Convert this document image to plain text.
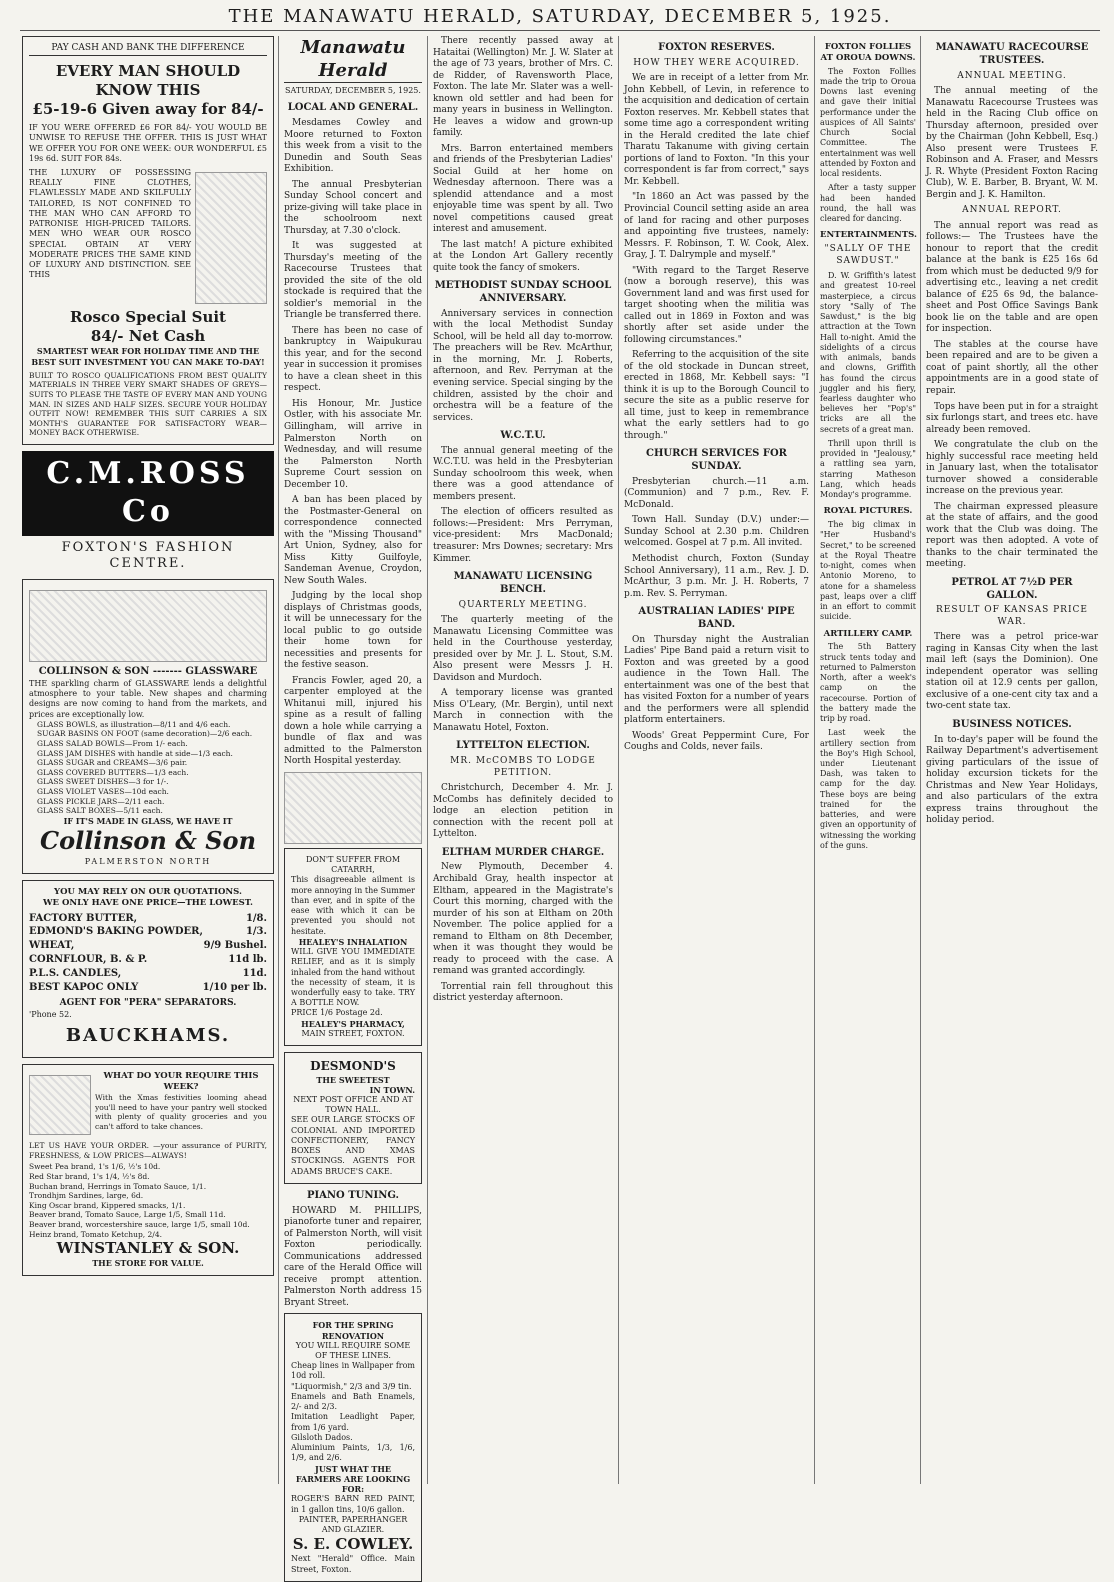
THE MANAWATU HERALD, SATURDAY, DECEMBER 5, 1925.
PAY CASH AND BANK THE DIFFERENCE
EVERY MAN SHOULD KNOW THIS
£5-19-6 Given away for 84/-
IF YOU WERE OFFERED £6 FOR 84/- YOU WOULD BE UNWISE TO REFUSE THE OFFER. THIS IS JUST WHAT WE OFFER YOU FOR ONE WEEK: OUR WONDERFUL £5 19s 6d. SUIT FOR 84s.
THE LUXURY OF POSSESSING REALLY FINE CLOTHES, FLAWLESSLY MADE AND SKILFULLY TAILORED, IS NOT CONFINED TO THE MAN WHO CAN AFFORD TO PATRONISE HIGH-PRICED TAILORS. MEN WHO WEAR OUR ROSCO SPECIAL OBTAIN AT VERY MODERATE PRICES THE SAME KIND OF LUXURY AND DISTINCTION. SEE THIS
Rosco Special Suit
84/- Net Cash
SMARTEST WEAR FOR HOLIDAY TIME AND THE BEST SUIT INVESTMENT YOU CAN MAKE TO-DAY!
BUILT TO ROSCO QUALIFICATIONS FROM BEST QUALITY MATERIALS IN THREE VERY SMART SHADES OF GREYS—SUITS TO PLEASE THE TASTE OF EVERY MAN AND YOUNG MAN. IN SIZES AND HALF SIZES. SECURE YOUR HOLIDAY OUTFIT NOW! REMEMBER THIS SUIT CARRIES A SIX MONTH'S GUARANTEE FOR SATISFACTORY WEAR—MONEY BACK OTHERWISE.
C.M.ROSS Co
FOXTON'S FASHION CENTRE.
COLLINSON & SON ------- GLASSWARE
THE sparkling charm of GLASSWARE lends a delightful atmosphere to your table. New shapes and charming designs are now coming to hand from the markets, and prices are exceptionally low.
GLASS BOWLS, as illustration—8/11 and 4/6 each.
SUGAR BASINS ON FOOT (same decoration)—2/6 each.
GLASS SALAD BOWLS—From 1/- each.
GLASS JAM DISHES with handle at side—1/3 each.
GLASS SUGAR and CREAMS—3/6 pair.
GLASS COVERED BUTTERS—1/3 each.
GLASS SWEET DISHES—3 for 1/-.
GLASS VIOLET VASES—10d each.
GLASS PICKLE JARS—2/11 each.
GLASS SALT BOXES—5/11 each.
IF IT'S MADE IN GLASS, WE HAVE IT
Collinson & Son
PALMERSTON NORTH
YOU MAY RELY ON OUR QUOTATIONS.
WE ONLY HAVE ONE PRICE—THE LOWEST.
FACTORY BUTTER,	1/8.
EDMOND'S BAKING POWDER,	1/3.
WHEAT,	9/9 Bushel.
CORNFLOUR, B. & P.	11d lb.
P.L.S. CANDLES,	11d.
BEST KAPOC ONLY	1/10 per lb.
AGENT FOR "PERA" SEPARATORS.
'Phone 52.
BAUCKHAMS.
WHAT DO YOUR REQUIRE THIS WEEK?
With the Xmas festivities looming ahead you'll need to have your pantry well stocked with plenty of quality groceries and you can't afford to take chances.
LET US HAVE YOUR ORDER. —your assurance of PURITY, FRESHNESS, & LOW PRICES—ALWAYS!
Sweet Pea brand, 1's 1/6, ½'s 10d.
Red Star brand, 1's 1/4, ½'s 8d.
Buchan brand, Herrings in Tomato Sauce, 1/1.
Trondhjm Sardines, large, 6d.
King Oscar brand, Kippered smacks, 1/1.
Beaver brand, Tomato Sauce, Large 1/5, Small 11d.
Beaver brand, worcestershire sauce, large 1/5, small 10d.
Heinz brand, Tomato Ketchup, 2/4.
WINSTANLEY & SON.
THE STORE FOR VALUE.
Manawatu Herald
SATURDAY, DECEMBER 5, 1925.
LOCAL AND GENERAL.

Mesdames Cowley and Moore returned to Foxton this week from a visit to the Dunedin and South Seas Exhibition.

The annual Presbyterian Sunday School concert and prize-giving will take place in the schoolroom next Thursday, at 7.30 o'clock.

It was suggested at Thursday's meeting of the Racecourse Trustees that provided the site of the old stockade is required that the soldier's memorial in the Triangle be transferred there.

There has been no case of bankruptcy in Waipukurau this year, and for the second year in succession it promises to have a clean sheet in this respect.

His Honour, Mr. Justice Ostler, with his associate Mr. Gillingham, will arrive in Palmerston North on Wednesday, and will resume the Palmerston North Supreme Court session on December 10.

A ban has been placed by the Postmaster-General on correspondence connected with the "Missing Thousand" Art Union, Sydney, also for Miss Kitty Guilfoyle, Sandeman Avenue, Croydon, New South Wales.

Judging by the local shop displays of Christmas goods, it will be unnecessary for the local public to go outside their home town for necessities and presents for the festive season.

Francis Fowler, aged 20, a carpenter employed at the Whitanui mill, injured his spine as a result of falling down a hole while carrying a bundle of flax and was admitted to the Palmerston North Hospital yesterday.

DON'T SUFFER FROM CATARRH,
This disagreeable ailment is more annoying in the Summer than ever, and in spite of the ease with which it can be prevented you should not hesitate.
HEALEY'S INHALATION
WILL GIVE YOU IMMEDIATE RELIEF, and as it is simply inhaled from the hand without the necessity of steam, it is wonderfully easy to take. TRY A BOTTLE NOW.
PRICE 1/6 Postage 2d.
HEALEY'S PHARMACY,
MAIN STREET, FOXTON.
DESMOND'S
THE SWEETEST
IN TOWN.
NEXT POST OFFICE AND AT TOWN HALL.
SEE OUR LARGE STOCKS OF COLONIAL AND IMPORTED CONFECTIONERY, FANCY BOXES AND XMAS STOCKINGS. AGENTS FOR ADAMS BRUCE'S CAKE.
PIANO TUNING.

HOWARD M. PHILLIPS, pianoforte tuner and repairer, of Palmerston North, will visit Foxton periodically. Communications addressed care of the Herald Office will receive prompt attention. Palmerston North address 15 Bryant Street.

FOR THE SPRING RENOVATION
YOU WILL REQUIRE SOME OF THESE LINES.
Cheap lines in Wallpaper from 10d roll.
"Liquormish," 2/3 and 3/9 tin.
Enamels and Bath Enamels, 2/- and 2/3.
Imitation Leadlight Paper, from 1/6 yard.
Gilsloth Dados.
Aluminium Paints, 1/3, 1/6, 1/9, and 2/6.
JUST WHAT THE FARMERS ARE LOOKING FOR:
ROGER'S BARN RED PAINT, in 1 gallon tins, 10/6 gallon.
PAINTER, PAPERHANGER AND GLAZIER.
S. E. COWLEY.
Next "Herald" Office. Main Street, Foxton.

There recently passed away at Hataitai (Wellington) Mr. J. W. Slater at the age of 73 years, brother of Mrs. C. de Ridder, of Ravensworth Place, Foxton. The late Mr. Slater was a well-known old settler and had been for many years in business in Wellington. He leaves a widow and grown-up family.

Mrs. Barron entertained members and friends of the Presbyterian Ladies' Social Guild at her home on Wednesday afternoon. There was a splendid attendance and a most enjoyable time was spent by all. Two novel competitions caused great interest and amusement.

The last match! A picture exhibited at the London Art Gallery recently quite took the fancy of smokers.

METHODIST SUNDAY SCHOOL ANNIVERSARY.

Anniversary services in connection with the local Methodist Sunday School, will be held all day to-morrow. The preachers will be Rev. McArthur, in the morning, Mr. J. Roberts, afternoon, and Rev. Perryman at the evening service. Special singing by the children, assisted by the choir and orchestra will be a feature of the services.

W.C.T.U.

The annual general meeting of the W.C.T.U. was held in the Presbyterian Sunday schoolroom this week, when there was a good attendance of members present.

The election of officers resulted as follows:—President: Mrs Perryman, vice-president: Mrs MacDonald; treasurer: Mrs Downes; secretary: Mrs Kimmer.

MANAWATU LICENSING BENCH.
QUARTERLY MEETING.

The quarterly meeting of the Manawatu Licensing Committee was held in the Courthouse yesterday, presided over by Mr. J. L. Stout, S.M. Also present were Messrs J. H. Davidson and Murdoch.

A temporary license was granted Miss O'Leary, (Mr. Bergin), until next March in connection with the Manawatu Hotel, Foxton.

LYTTELTON ELECTION.
MR. McCOMBS TO LODGE PETITION.

Christchurch, December 4. Mr. J. McCombs has definitely decided to lodge an election petition in connection with the recent poll at Lyttelton.

ELTHAM MURDER CHARGE.

New Plymouth, December 4. Archibald Gray, health inspector at Eltham, appeared in the Magistrate's Court this morning, charged with the murder of his son at Eltham on 20th November. The police applied for a remand to Eltham on 8th December, when it was thought they would be ready to proceed with the case. A remand was granted accordingly.

Torrential rain fell throughout this district yesterday afternoon.

FOXTON RESERVES.
HOW THEY WERE ACQUIRED.

We are in receipt of a letter from Mr. John Kebbell, of Levin, in reference to the acquisition and dedication of certain Foxton reserves. Mr. Kebbell states that some time ago a correspondent writing in the Herald credited the late chief Tharatu Takanume with giving certain portions of land to Foxton. "In this your correspondent is far from correct," says Mr. Kebbell.

"In 1860 an Act was passed by the Provincial Council setting aside an area of land for racing and other purposes and appointing five trustees, namely: Messrs. F. Robinson, T. W. Cook, Alex. Gray, J. T. Dalrymple and myself."

"With regard to the Target Reserve (now a borough reserve), this was Government land and was first used for target shooting when the militia was called out in 1869 in Foxton and was shortly after set aside under the following circumstances."

Referring to the acquisition of the site of the old stockade in Duncan street, erected in 1868, Mr. Kebbell says: "I think it is up to the Borough Council to secure the site as a public reserve for all time, just to keep in remembrance what the early settlers had to go through."

CHURCH SERVICES FOR SUNDAY.

Presbyterian church.—11 a.m. (Communion) and 7 p.m., Rev. F. McDonald.

Town Hall. Sunday (D.V.) under:—Sunday School at 2.30 p.m. Children welcomed. Gospel at 7 p.m. All invited.

Methodist church, Foxton (Sunday School Anniversary), 11 a.m., Rev. J. D. McArthur, 3 p.m. Mr. J. H. Roberts, 7 p.m. Rev. S. Perryman.

AUSTRALIAN LADIES' PIPE BAND.

On Thursday night the Australian Ladies' Pipe Band paid a return visit to Foxton and was greeted by a good audience in the Town Hall. The entertainment was one of the best that has visited Foxton for a number of years and the performers were all splendid platform entertainers.

Woods' Great Peppermint Cure, For Coughs and Colds, never fails.

FOXTON FOLLIES AT OROUA DOWNS.

The Foxton Follies made the trip to Oroua Downs last evening and gave their initial performance under the auspices of All Saints' Church Social Committee. The entertainment was well attended by Foxton and local residents.

After a tasty supper had been handed round, the hall was cleared for dancing.

ENTERTAINMENTS.
"SALLY OF THE SAWDUST."

D. W. Griffith's latest and greatest 10-reel masterpiece, a circus story "Sally of The Sawdust," is the big attraction at the Town Hall to-night. Amid the sidelights of a circus with animals, bands and clowns, Griffith has found the circus juggler and his fiery, fearless daughter who believes her "Pop's" tricks are all the secrets of a great man.

Thrill upon thrill is provided in "Jealousy," a rattling sea yarn, starring Matheson Lang, which heads Monday's programme.

ROYAL PICTURES.

The big climax in "Her Husband's Secret," to be screened at the Royal Theatre to-night, comes when Antonio Moreno, to atone for a shameless past, leaps over a cliff in an effort to commit suicide.

ARTILLERY CAMP.

The 5th Battery struck tents today and returned to Palmerston North, after a week's camp on the racecourse. Portion of the battery made the trip by road.

Last week the artillery section from the Boy's High School, under Lieutenant Dash, was taken to camp for the day. These boys are being trained for the batteries, and were given an opportunity of witnessing the working of the guns.

MANAWATU RACECOURSE TRUSTEES.
ANNUAL MEETING.

The annual meeting of the Manawatu Racecourse Trustees was held in the Racing Club office on Thursday afternoon, presided over by the Chairman (John Kebbell, Esq.) Also present were Trustees F. Robinson and A. Fraser, and Messrs J. R. Whyte (President Foxton Racing Club), W. E. Barber, B. Bryant, W. M. Bergin and J. K. Hamilton.

ANNUAL REPORT.

The annual report was read as follows:— The Trustees have the honour to report that the credit balance at the bank is £25 16s 6d from which must be deducted 9/9 for advertising etc., leaving a net credit balance of £25 6s 9d, the balance-sheet and Post Office Savings Bank book lie on the table and are open for inspection.

The stables at the course have been repaired and are to be given a coat of paint shortly, all the other appointments are in a good state of repair.

Tops have been put in for a straight six furlongs start, and trees etc. have already been removed.

We congratulate the club on the highly successful race meeting held in January last, when the totalisator turnover showed a considerable increase on the previous year.

The chairman expressed pleasure at the state of affairs, and the good work that the Club was doing. The report was then adopted. A vote of thanks to the chair terminated the meeting.

PETROL AT 7½D PER GALLON.
RESULT OF KANSAS PRICE WAR.

There was a petrol price-war raging in Kansas City when the last mail left (says the Dominion). One independent operator was selling station oil at 12.9 cents per gallon, exclusive of a one-cent city tax and a two-cent state tax.

BUSINESS NOTICES.

In to-day's paper will be found the Railway Department's advertisement giving particulars of the issue of holiday excursion tickets for the Christmas and New Year Holidays, and also particulars of the extra express trains throughout the holiday period.
